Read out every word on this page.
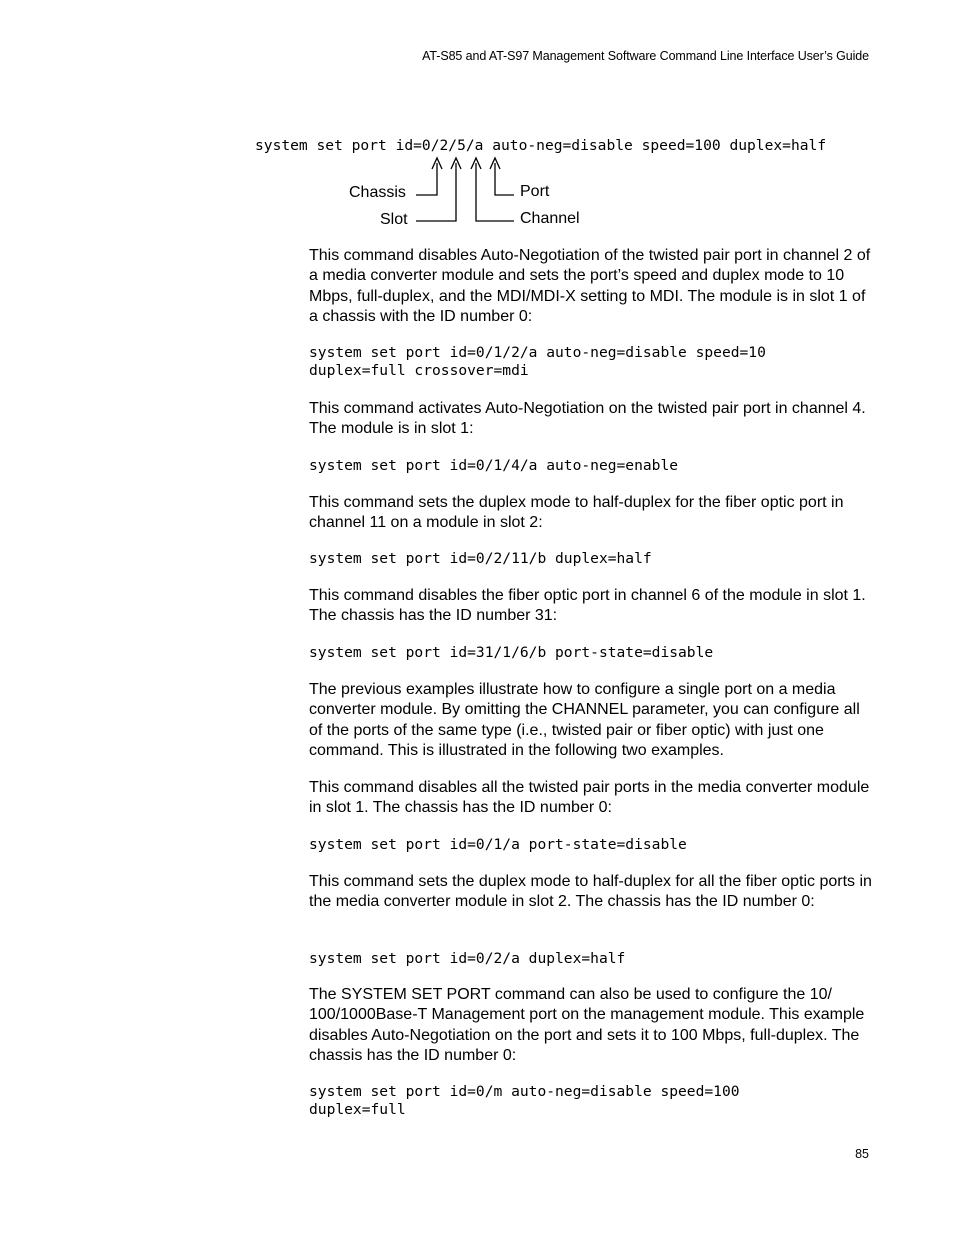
AT-S85 and AT-S97 Management Software Command Line Interface User’s Guide
system set port id=0/2/5/a auto-neg=disable speed=100 duplex=half
Chassis
Slot
Port
Channel

This command disables Auto-Negotiation of the twisted pair port in channel 2 of a media converter module and sets the port’s speed and duplex mode to 10 Mbps, full-duplex, and the MDI/MDI-X setting to MDI. The module is in slot 1 of a chassis with the ID number 0:

system set port id=0/1/2/a auto-neg=disable speed=10
duplex=full crossover=mdi

This command activates Auto-Negotiation on the twisted pair port in channel 4. The module is in slot 1:

system set port id=0/1/4/a auto-neg=enable

This command sets the duplex mode to half-duplex for the fiber optic port in channel 11 on a module in slot 2:

system set port id=0/2/11/b duplex=half

This command disables the fiber optic port in channel 6 of the module in slot 1. The chassis has the ID number 31:

system set port id=31/1/6/b port-state=disable

The previous examples illustrate how to configure a single port on a media converter module. By omitting the CHANNEL parameter, you can configure all of the ports of the same type (i.e., twisted pair or fiber optic) with just one command. This is illustrated in the following two examples.

This command disables all the twisted pair ports in the media converter module in slot 1. The chassis has the ID number 0:

system set port id=0/1/a port-state=disable

This command sets the duplex mode to half-duplex for all the fiber optic ports in the media converter module in slot 2. The chassis has the ID number 0:

system set port id=0/2/a duplex=half

The SYSTEM SET PORT command can also be used to configure the 10/ 100/1000Base-T Management port on the management module. This example disables Auto-Negotiation on the port and sets it to 100 Mbps, full-duplex. The chassis has the ID number 0:

system set port id=0/m auto-neg=disable speed=100
duplex=full
85
